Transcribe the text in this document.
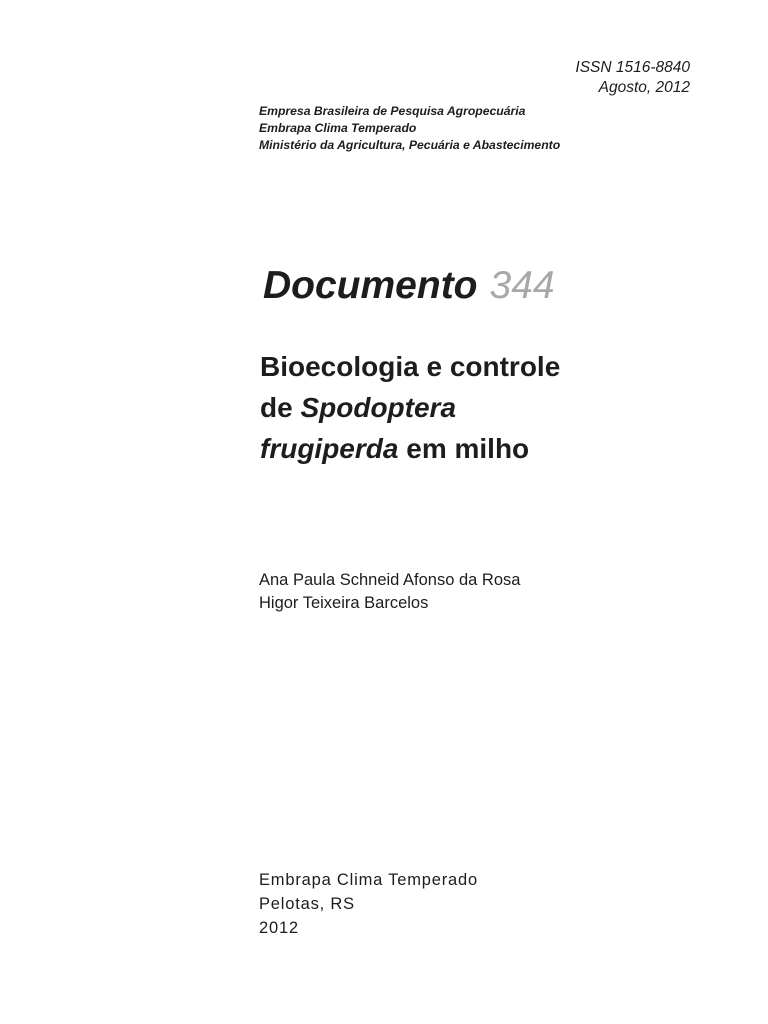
ISSN 1516-8840
Agosto, 2012
Empresa Brasileira de Pesquisa Agropecuária
Embrapa Clima Temperado
Ministério da Agricultura, Pecuária e Abastecimento
Documento 344
Bioecologia e controle
de Spodoptera
frugiperda em milho
Ana Paula Schneid Afonso da Rosa
Higor Teixeira Barcelos
Embrapa Clima Temperado
Pelotas, RS
2012
